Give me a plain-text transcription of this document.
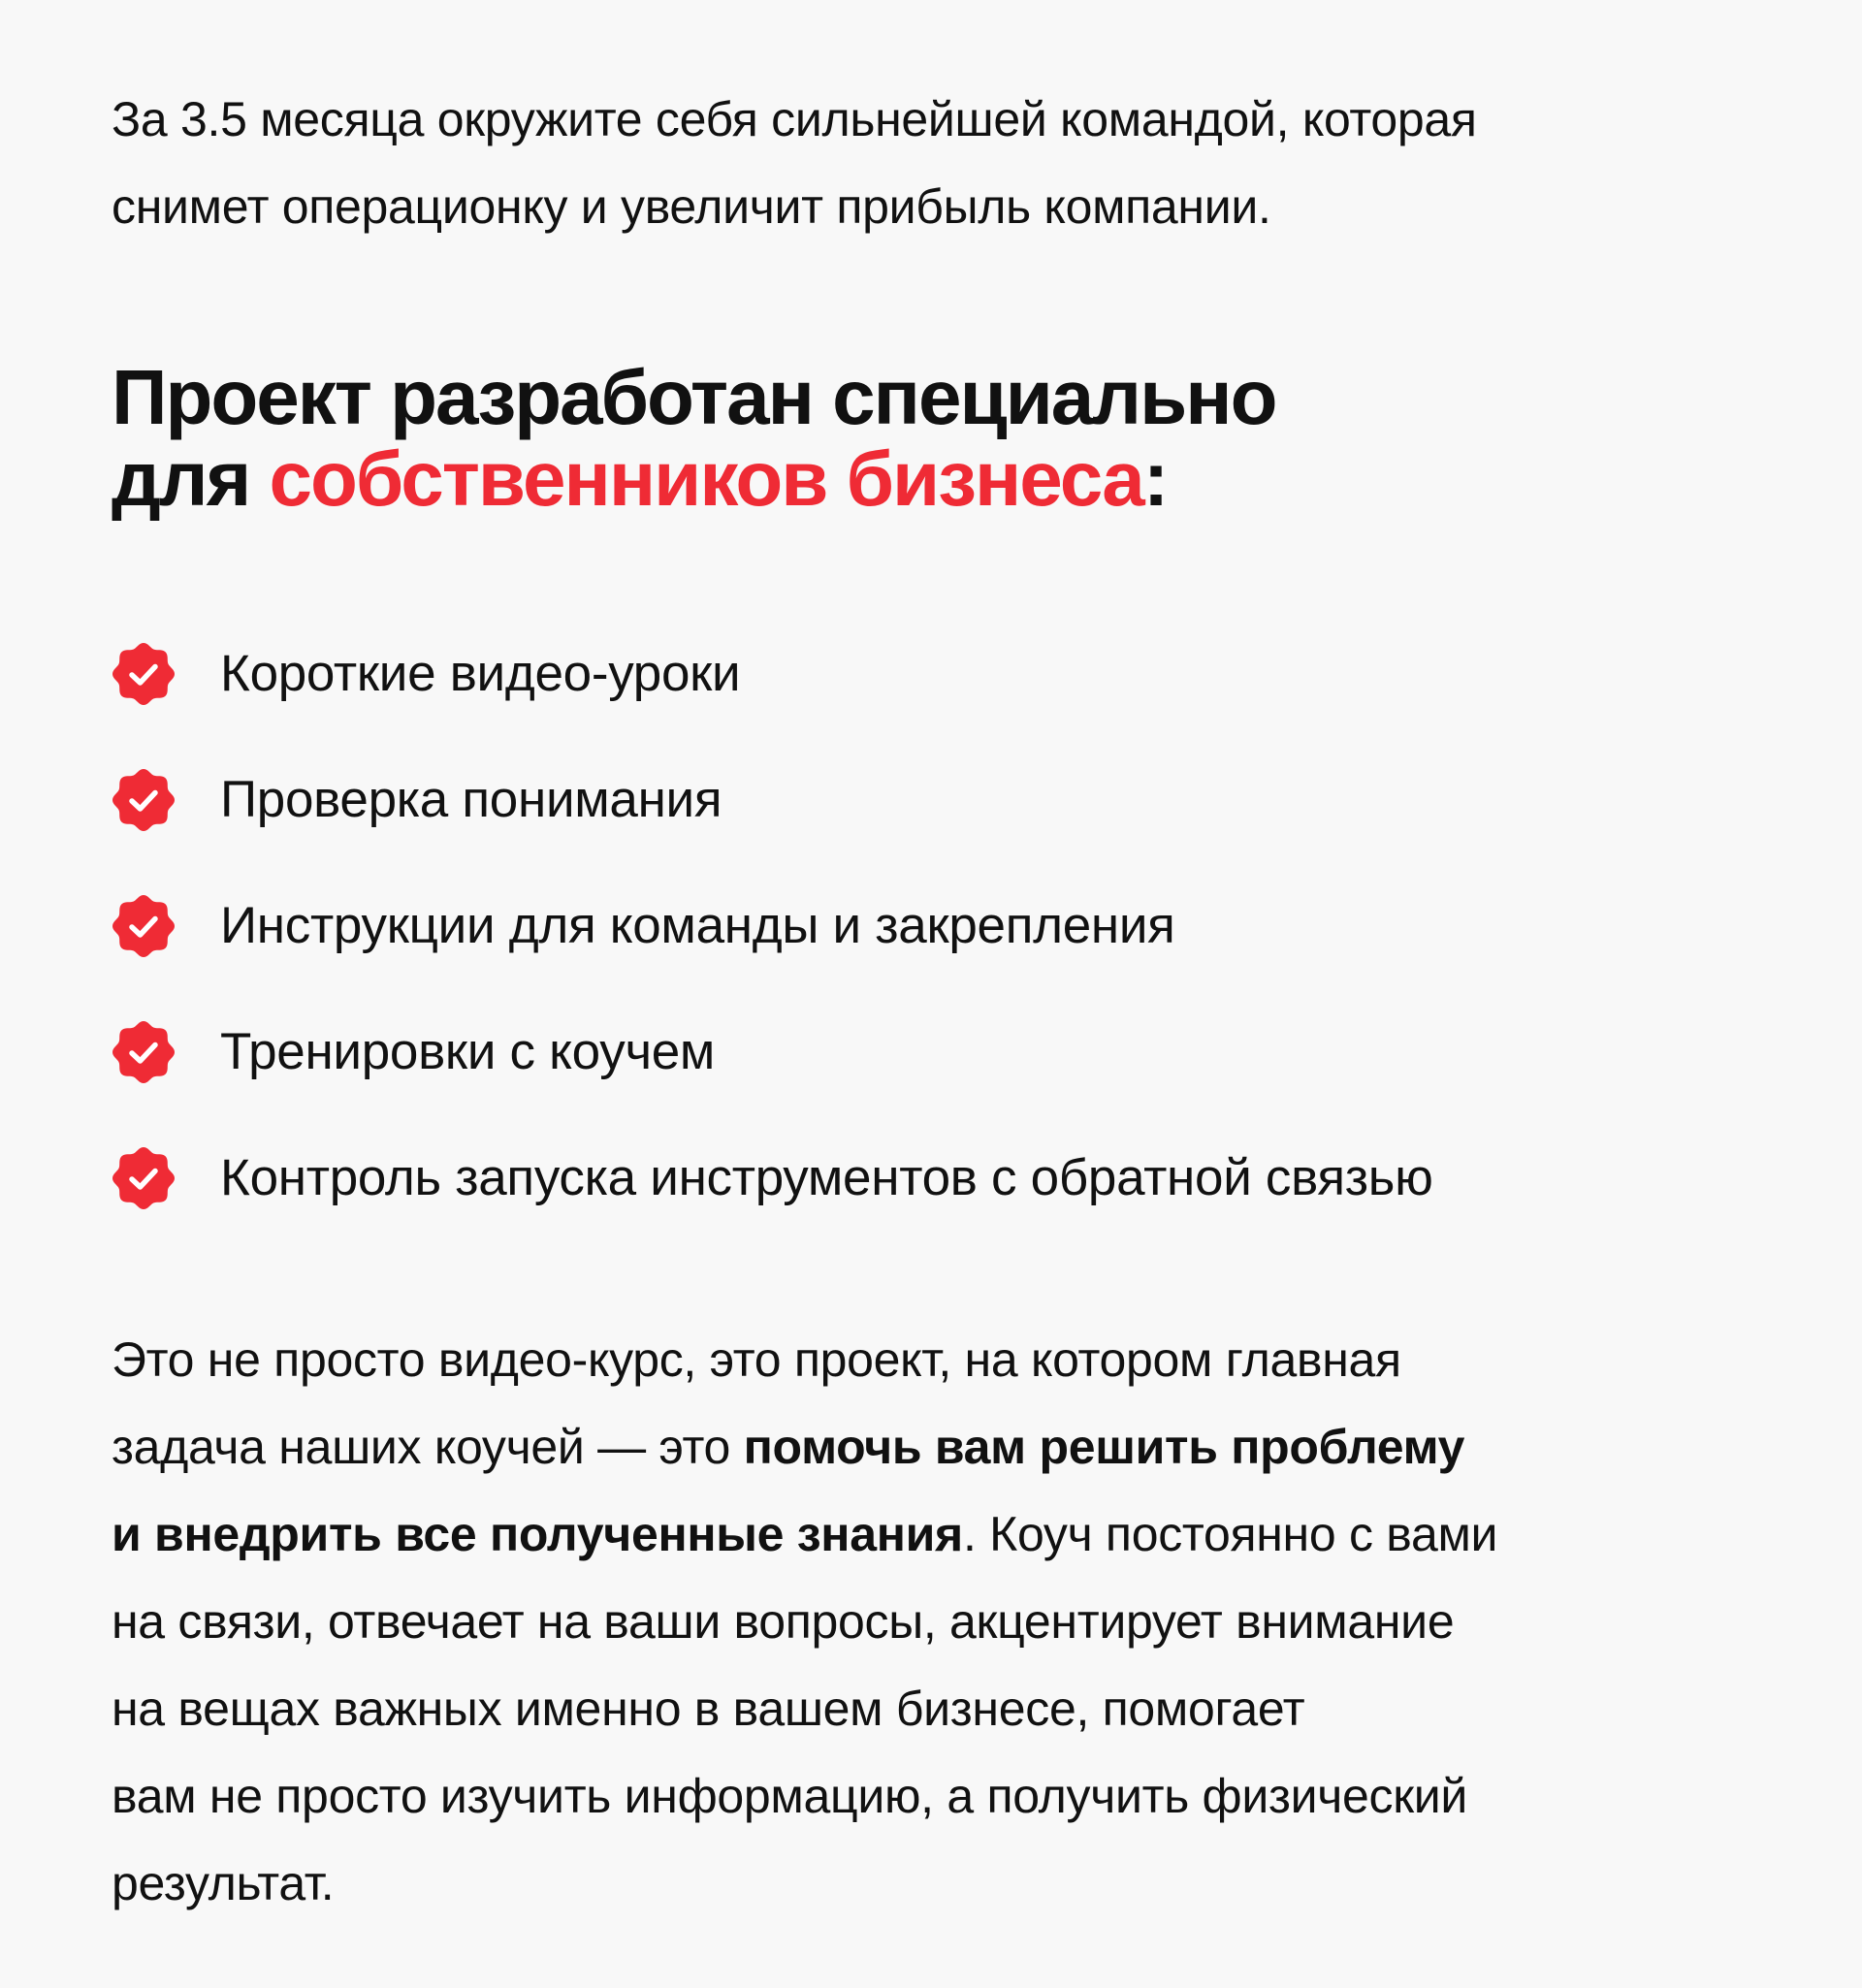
За 3.5 месяца окружите себя сильнейшей командой, которая
снимет операционку и увеличит прибыль компании.

Проект разработан специально
для собственников бизнеса:
Короткие видео-уроки
Проверка понимания
Инструкции для команды и закрепления
Тренировки с коучем
Контроль запуска инструментов с обратной связью

Это не просто видео-курс, это проект, на котором главная
задача наших коучей — это помочь вам решить проблему
и внедрить все полученные знания. Коуч постоянно с вами
на связи, отвечает на ваши вопросы, акцентирует внимание
на вещах важных именно в вашем бизнесе, помогает
вам не просто изучить информацию, а получить физический
результат.
